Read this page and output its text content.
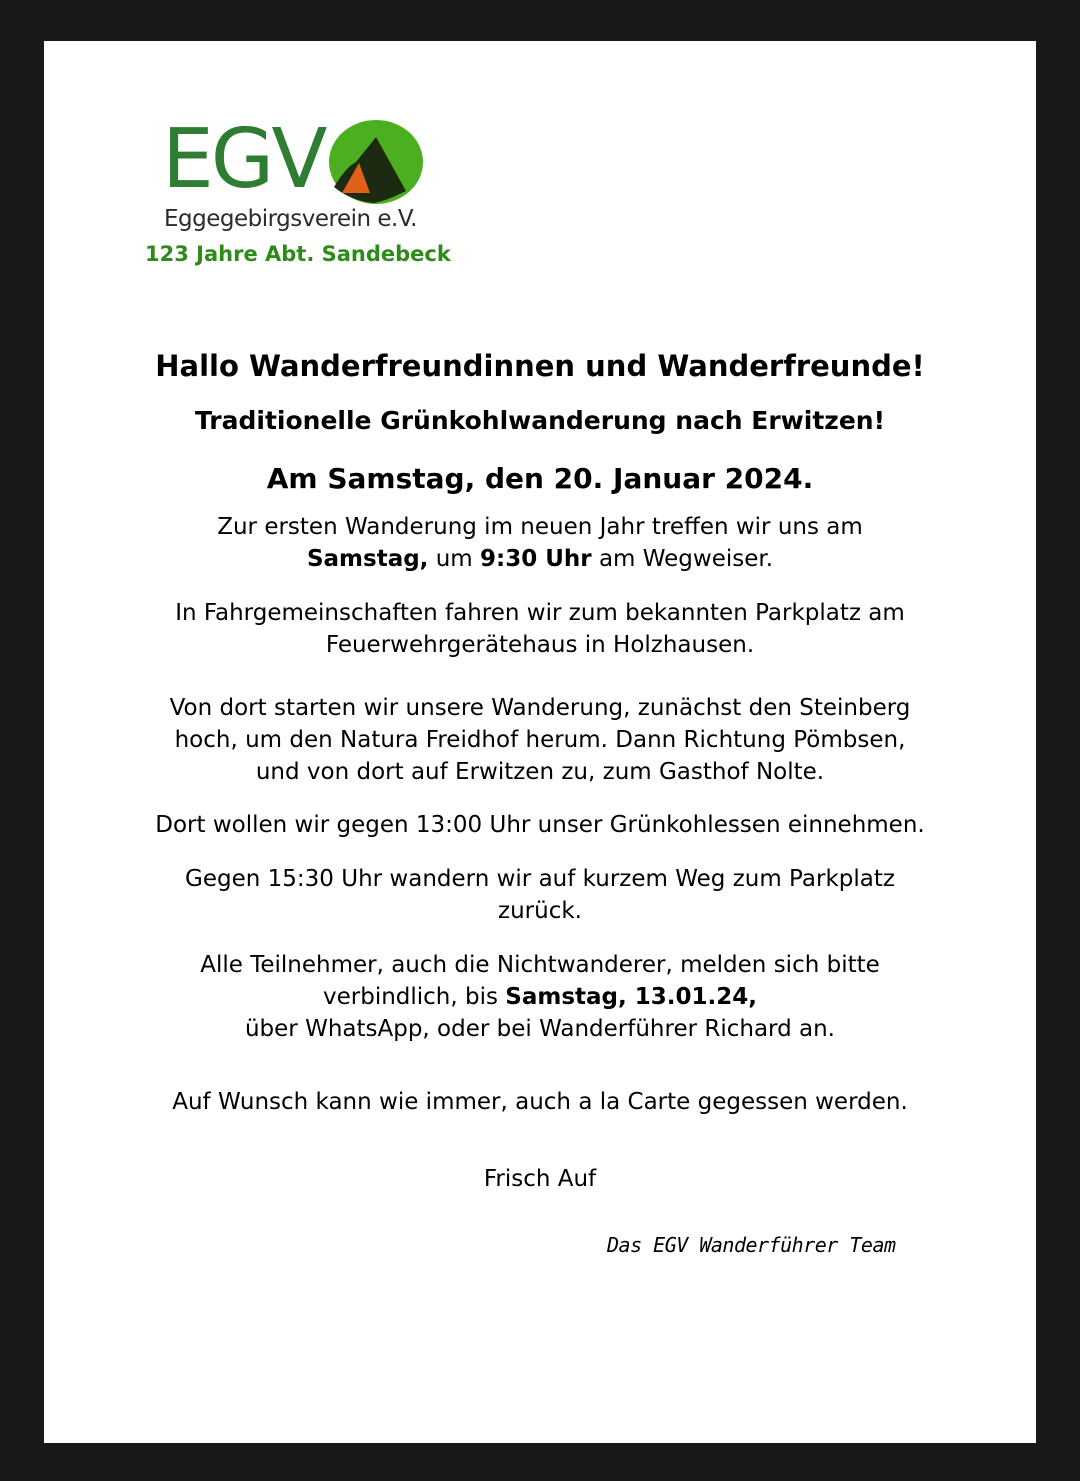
EGV
Eggegebirgsverein e.V.
123 Jahre Abt. Sandebeck
Hallo Wanderfreundinnen und Wanderfreunde!
Traditionelle Grünkohlwanderung nach Erwitzen!
Am Samstag, den 20. Januar 2024.

Zur ersten Wanderung im neuen Jahr treffen wir uns am
Samstag, um 9:30 Uhr am Wegweiser.

In Fahrgemeinschaften fahren wir zum bekannten Parkplatz am
Feuerwehrgerätehaus in Holzhausen.

Von dort starten wir unsere Wanderung, zunächst den Steinberg
hoch, um den Natura Freidhof herum. Dann Richtung Pömbsen,
und von dort auf Erwitzen zu, zum Gasthof Nolte.

Dort wollen wir gegen 13:00 Uhr unser Grünkohlessen einnehmen.

Gegen 15:30 Uhr wandern wir auf kurzem Weg zum Parkplatz
zurück.

Alle Teilnehmer, auch die Nichtwanderer, melden sich bitte
verbindlich, bis Samstag, 13.01.24,
über WhatsApp, oder bei Wanderführer Richard an.

Auf Wunsch kann wie immer, auch a la Carte gegessen werden.

Frisch Auf

Das EGV Wanderführer Team
